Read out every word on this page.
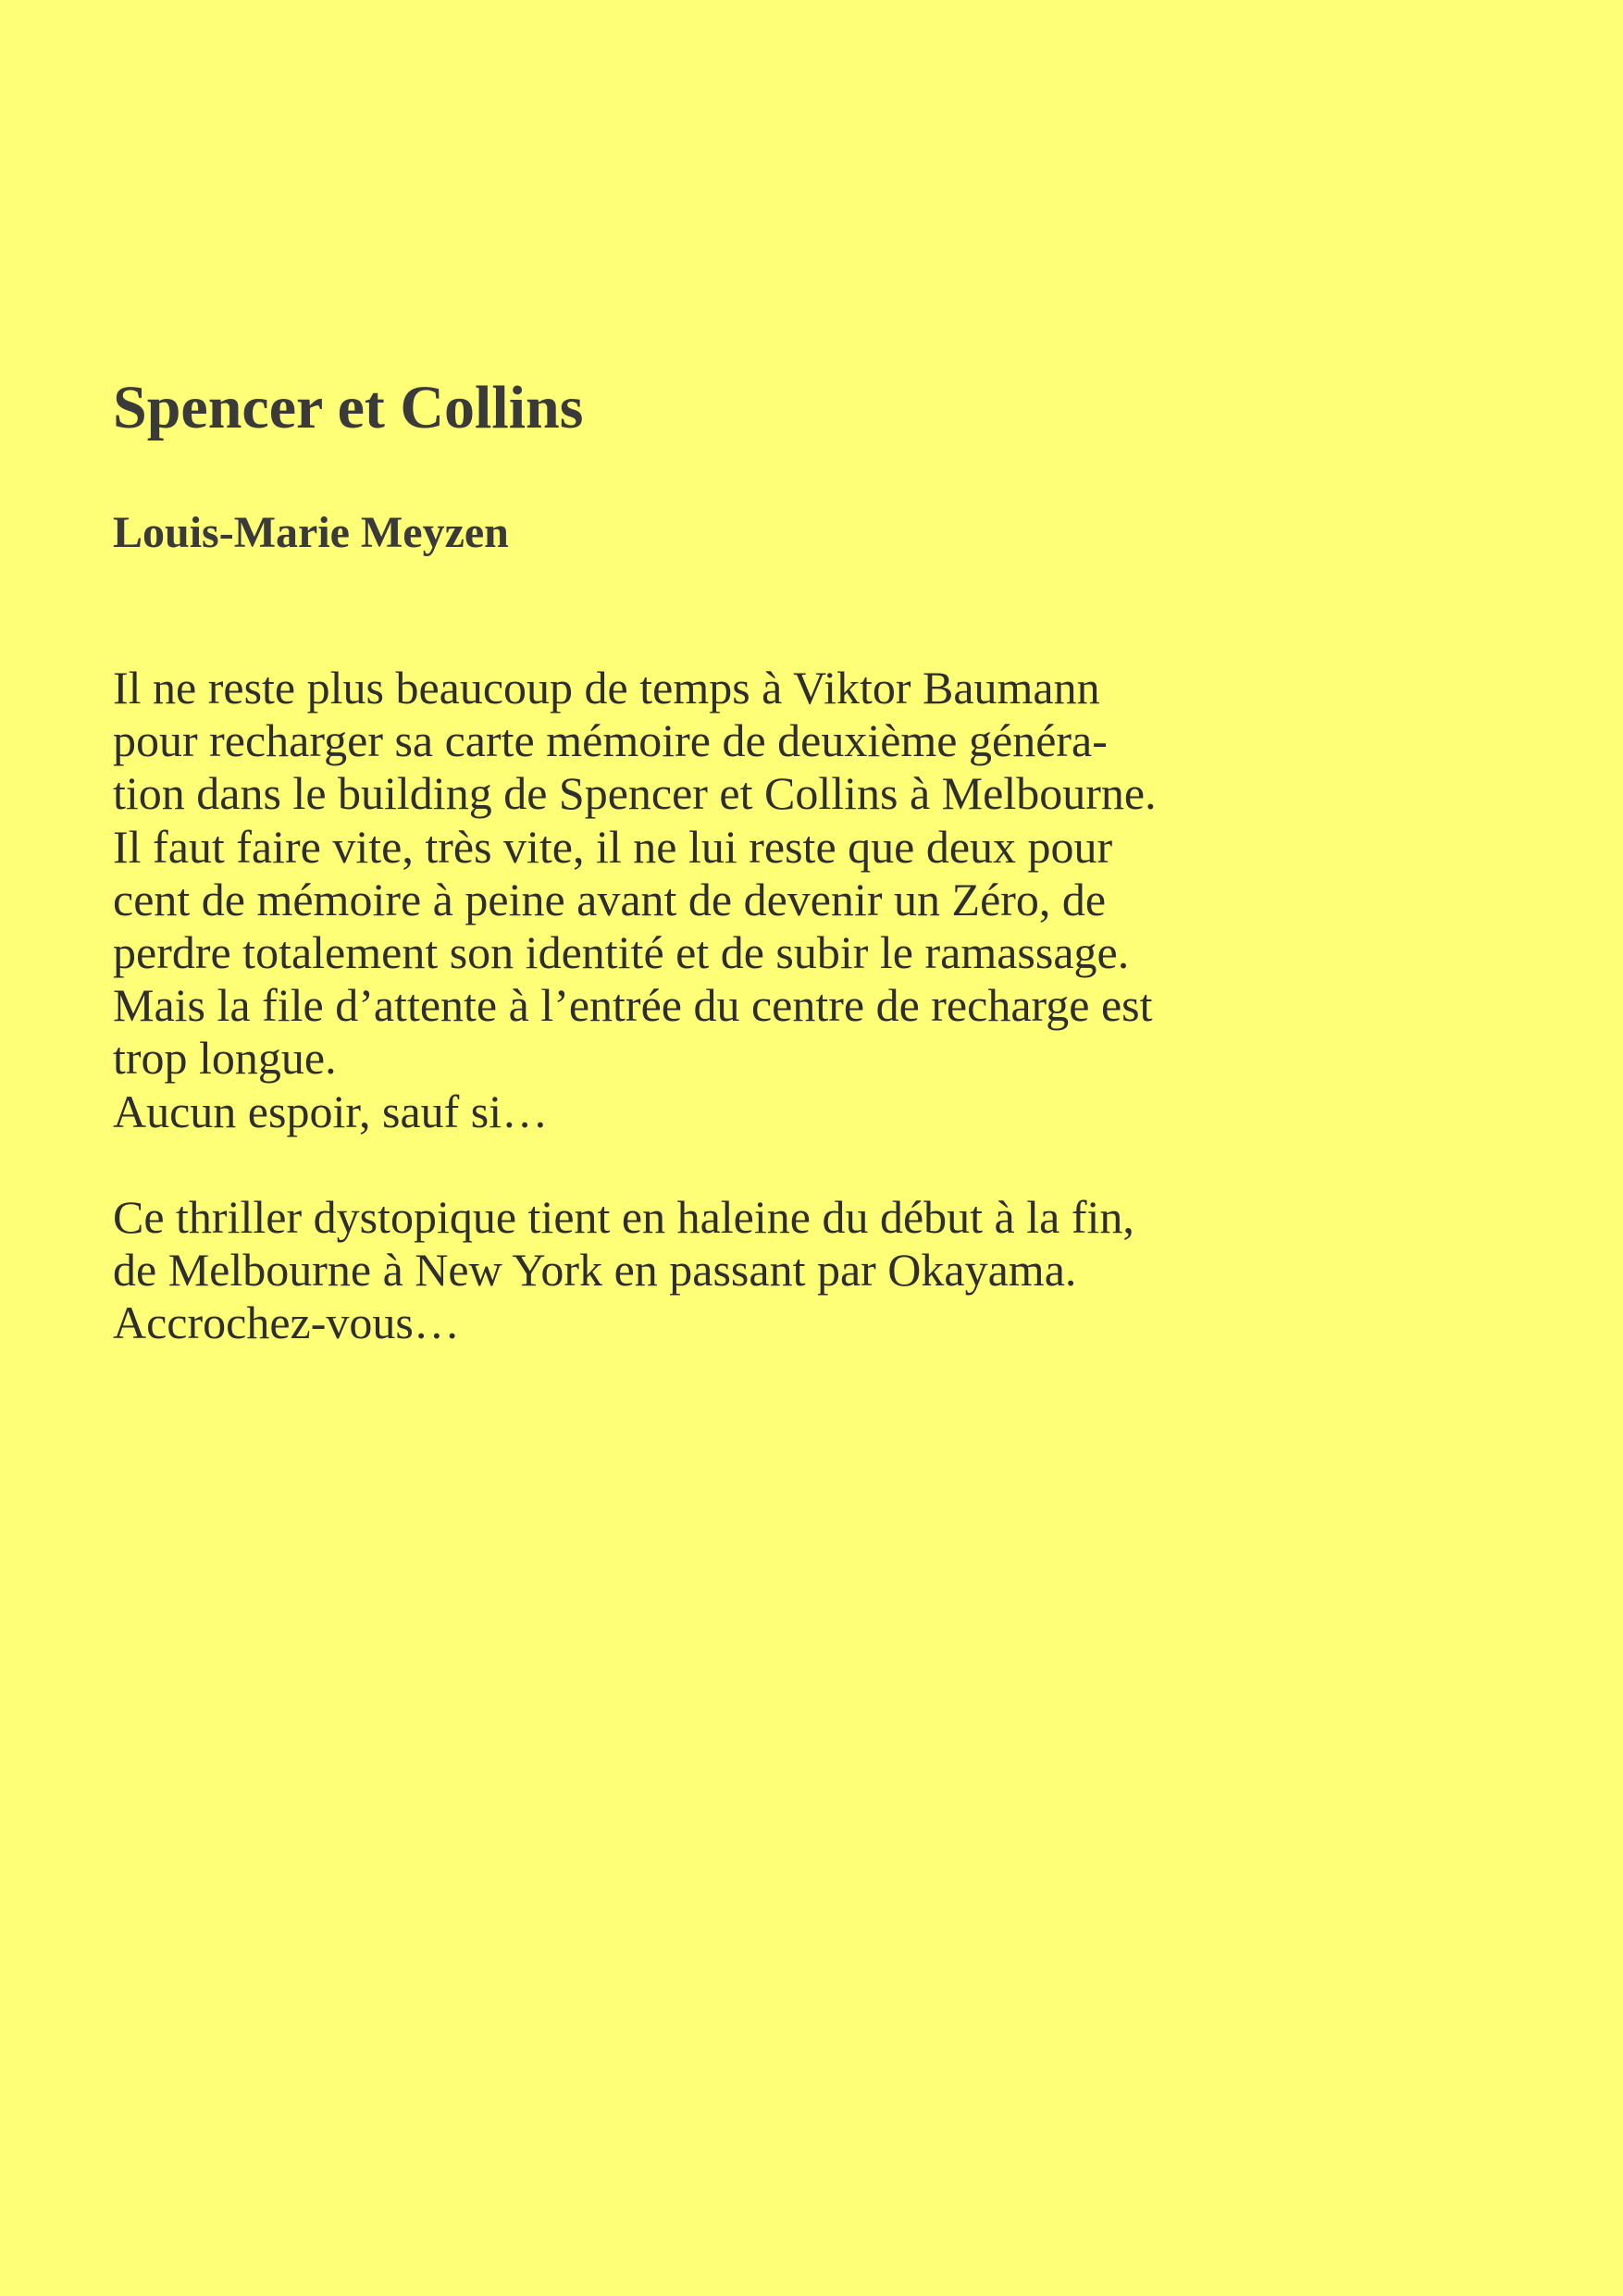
Spencer et Collins
Louis-Marie Meyzen
Il ne reste plus beaucoup de temps à Viktor Baumann
pour recharger sa carte mémoire de deuxième généra-
tion dans le building de Spencer et Collins à Melbourne.
Il faut faire vite, très vite, il ne lui reste que deux pour
cent de mémoire à peine avant de devenir un Zéro, de
perdre totalement son identité et de subir le ramassage.
Mais la file d’attente à l’entrée du centre de recharge est
trop longue.
Aucun espoir, sauf si…
Ce thriller dystopique tient en haleine du début à la fin,
de Melbourne à New York en passant par Okayama.
Accrochez-vous…
